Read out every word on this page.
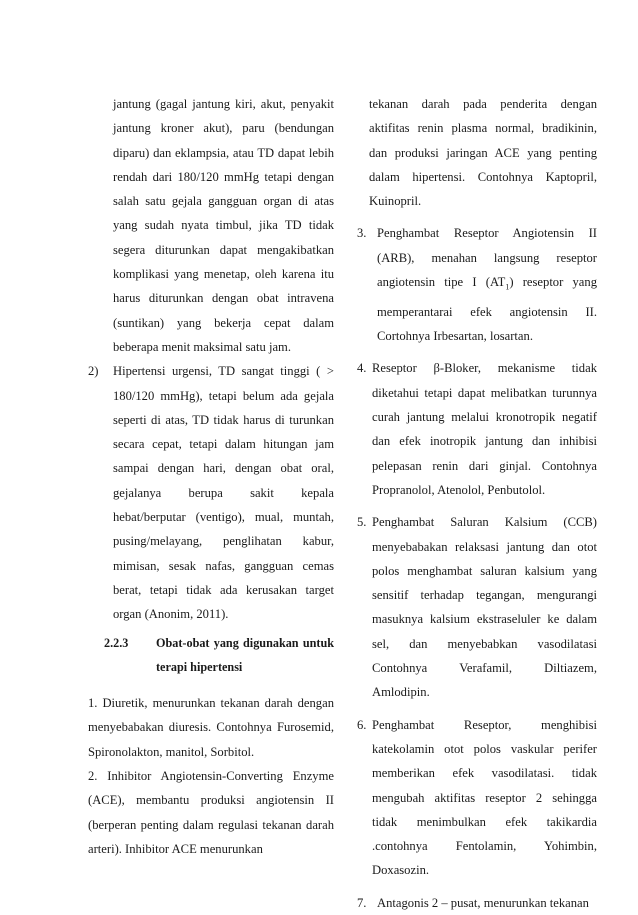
jantung (gagal jantung kiri, akut, penyakit jantung kroner akut), paru (bendungan diparu) dan eklampsia, atau TD dapat lebih rendah dari 180/120 mmHg tetapi dengan salah satu gejala gangguan organ di atas yang sudah nyata timbul, jika TD tidak segera diturunkan dapat mengakibatkan komplikasi yang menetap, oleh karena itu harus diturunkan dengan obat intravena (suntikan) yang bekerja cepat dalam beberapa menit maksimal satu jam.

2) Hipertensi urgensi, TD sangat tinggi ( > 180/120 mmHg), tetapi belum ada gejala seperti di atas, TD tidak harus di turunkan secara cepat, tetapi dalam hitungan jam sampai dengan hari, dengan obat oral, gejalanya berupa sakit kepala hebat/berputar (ventigo), mual, muntah, pusing/melayang, penglihatan kabur, mimisan, sesak nafas, gangguan cemas berat, tetapi tidak ada kerusakan target organ (Anonim, 2011).

2.2.3 Obat-obat yang digunakan untuk terapi hipertensi

1. Diuretik, menurunkan tekanan darah dengan menyebabakan diuresis. Contohnya Furosemid, Spironolakton, manitol, Sorbitol.

2. Inhibitor Angiotensin-Converting Enzyme (ACE), membantu produksi angiotensin II (berperan penting dalam regulasi tekanan darah arteri). Inhibitor ACE menurunkan

tekanan darah pada penderita dengan aktifitas renin plasma normal, bradikinin, dan produksi jaringan ACE yang penting dalam hipertensi. Contohnya Kaptopril, Kuinopril.

3. Penghambat Reseptor Angiotensin II (ARB), menahan langsung reseptor angiotensin tipe I $(AT_1)$ reseptor yang memperantarai efek angiotensin II. Cortohnya Irbesartan, losartan.

4. Reseptor β-Bloker, mekanisme tidak diketahui tetapi dapat melibatkan turunnya curah jantung melalui kronotropik negatif dan efek inotropik jantung dan inhibisi pelepasan renin dari ginjal. Contohnya Propranolol, Atenolol, Penbutolol.

5. Penghambat Saluran Kalsium (CCB) menyebabakan relaksasi jantung dan otot polos menghambat saluran kalsium yang sensitif terhadap tegangan, mengurangi masuknya kalsium ekstraseluler ke dalam sel, dan menyebabkan vasodilatasi Contohnya Verafamil, Diltiazem, Amlodipin.

6. Penghambat Reseptor, menghibisi katekolamin otot polos vaskular perifer memberikan efek vasodilatasi. tidak mengubah aktifitas reseptor 2 sehingga tidak menimbulkan efek takikardia .contohnya Fentolamin, Yohimbin, Doxasozin.

7. Antagonis 2 – pusat, menurunkan tekanan
